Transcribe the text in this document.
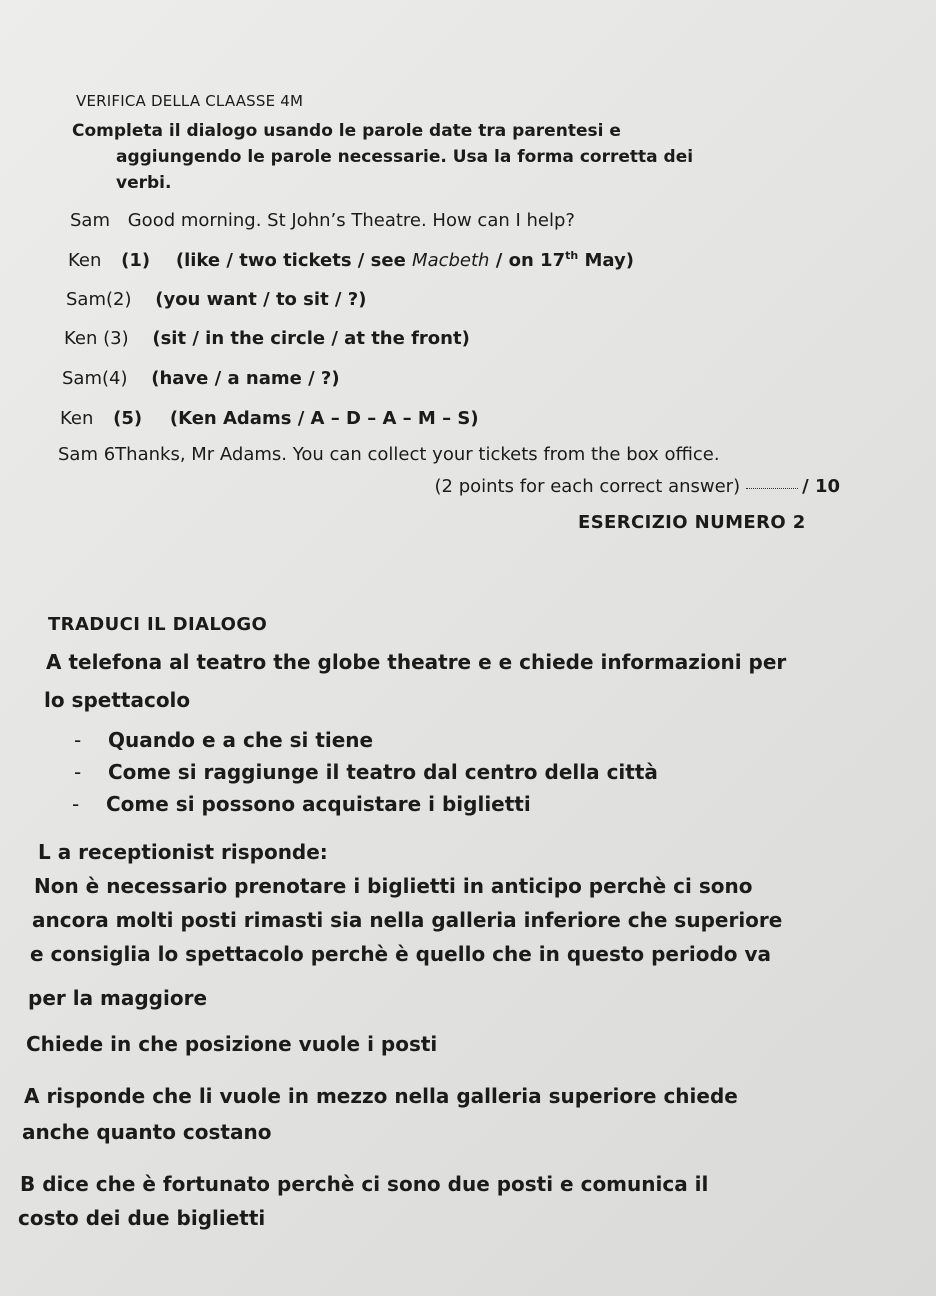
VERIFICA DELLA CLAASSE 4M
Completa il dialogo usando le parole date tra parentesi e
aggiungendo le parole necessarie. Usa la forma corretta dei
verbi.
Sam Good morning. St John’s Theatre. How can I help?
Ken (1) (like / two tickets / see Macbeth / on 17th May)
Sam(2) (you want / to sit / ?)
Ken (3) (sit / in the circle / at the front)
Sam(4) (have / a name / ?)
Ken (5) (Ken Adams / A – D – A – M – S)
Sam 6Thanks, Mr Adams. You can collect your tickets from the box office.
(2 points for each correct answer)	/ 10
ESERCIZIO NUMERO 2
TRADUCI IL DIALOGO
A telefona al teatro the globe theatre e e chiede informazioni per
lo spettacolo
- Quando e a che si tiene
- Come si raggiunge il teatro dal centro della città
- Come si possono acquistare i biglietti
L a receptionist risponde:
Non è necessario prenotare i biglietti in anticipo perchè ci sono
ancora molti posti rimasti sia nella galleria inferiore che superiore
e consiglia lo spettacolo perchè è quello che in questo periodo va
per la maggiore
Chiede in che posizione vuole i posti
A risponde che li vuole in mezzo nella galleria superiore chiede
anche quanto costano
B dice che è fortunato perchè ci sono due posti e comunica il
costo dei due biglietti
